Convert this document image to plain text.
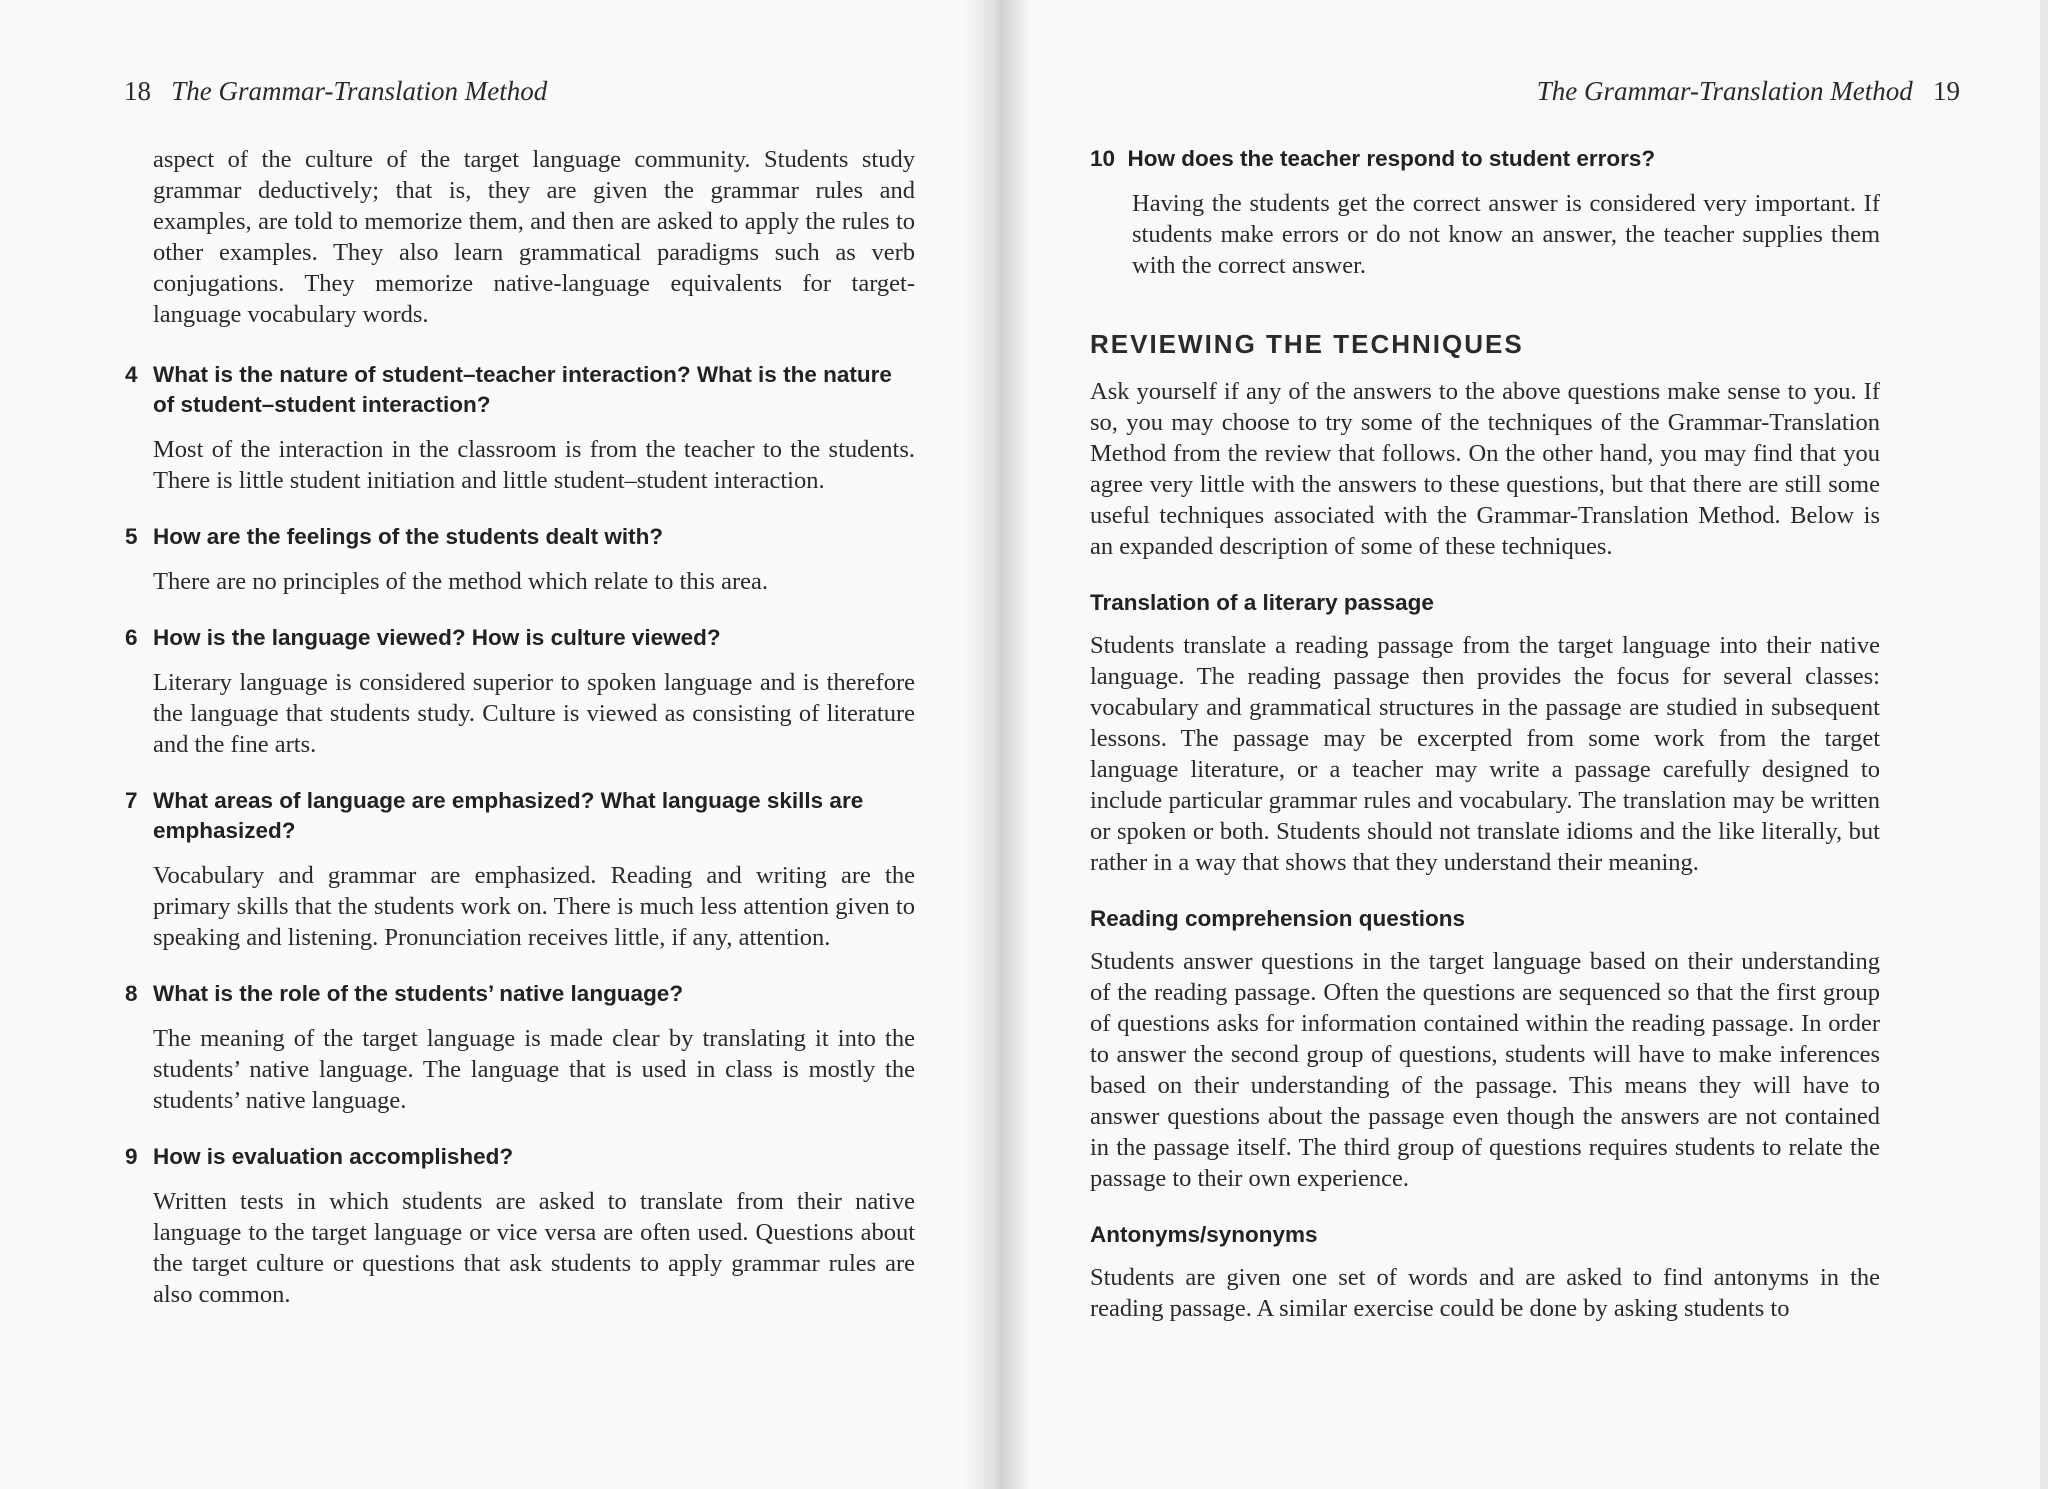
18 The Grammar-Translation Method

aspect of the culture of the target language community. Students study grammar deductively; that is, they are given the grammar rules and examples, are told to memorize them, and then are asked to apply the rules to other examples. They also learn grammatical paradigms such as verb conjugations. They memorize native-language equivalents for target-language vocabulary words.

4 What is the nature of student–teacher interaction? What is the nature of student–student interaction?

Most of the interaction in the classroom is from the teacher to the students. There is little student initiation and little student–student interaction.

5 How are the feelings of the students dealt with?

There are no principles of the method which relate to this area.

6 How is the language viewed? How is culture viewed?

Literary language is considered superior to spoken language and is therefore the language that students study. Culture is viewed as consisting of literature and the fine arts.

7 What areas of language are emphasized? What language skills are emphasized?

Vocabulary and grammar are emphasized. Reading and writing are the primary skills that the students work on. There is much less attention given to speaking and listening. Pronunciation receives little, if any, attention.

8 What is the role of the students’ native language?

The meaning of the target language is made clear by translating it into the students’ native language. The language that is used in class is mostly the students’ native language.

9 How is evaluation accomplished?

Written tests in which students are asked to translate from their native language to the target language or vice versa are often used. Questions about the target culture or questions that ask students to apply grammar rules are also common.

The Grammar-Translation Method 19
10 How does the teacher respond to student errors?

Having the students get the correct answer is considered very important. If students make errors or do not know an answer, the teacher supplies them with the correct answer.

REVIEWING THE TECHNIQUES

Ask yourself if any of the answers to the above questions make sense to you. If so, you may choose to try some of the techniques of the Grammar-Translation Method from the review that follows. On the other hand, you may find that you agree very little with the answers to these questions, but that there are still some useful techniques associated with the Grammar-Translation Method. Below is an expanded description of some of these techniques.

Translation of a literary passage

Students translate a reading passage from the target language into their native language. The reading passage then provides the focus for several classes: vocabulary and grammatical structures in the passage are studied in subsequent lessons. The passage may be excerpted from some work from the target language literature, or a teacher may write a passage carefully designed to include particular grammar rules and vocabulary. The translation may be written or spoken or both. Students should not translate idioms and the like literally, but rather in a way that shows that they understand their meaning.

Reading comprehension questions

Students answer questions in the target language based on their understanding of the reading passage. Often the questions are sequenced so that the first group of questions asks for information contained within the reading passage. In order to answer the second group of questions, students will have to make inferences based on their understanding of the passage. This means they will have to answer questions about the passage even though the answers are not contained in the passage itself. The third group of questions requires students to relate the passage to their own experience.

Antonyms/synonyms

Students are given one set of words and are asked to find antonyms in the reading passage. A similar exercise could be done by asking students to
